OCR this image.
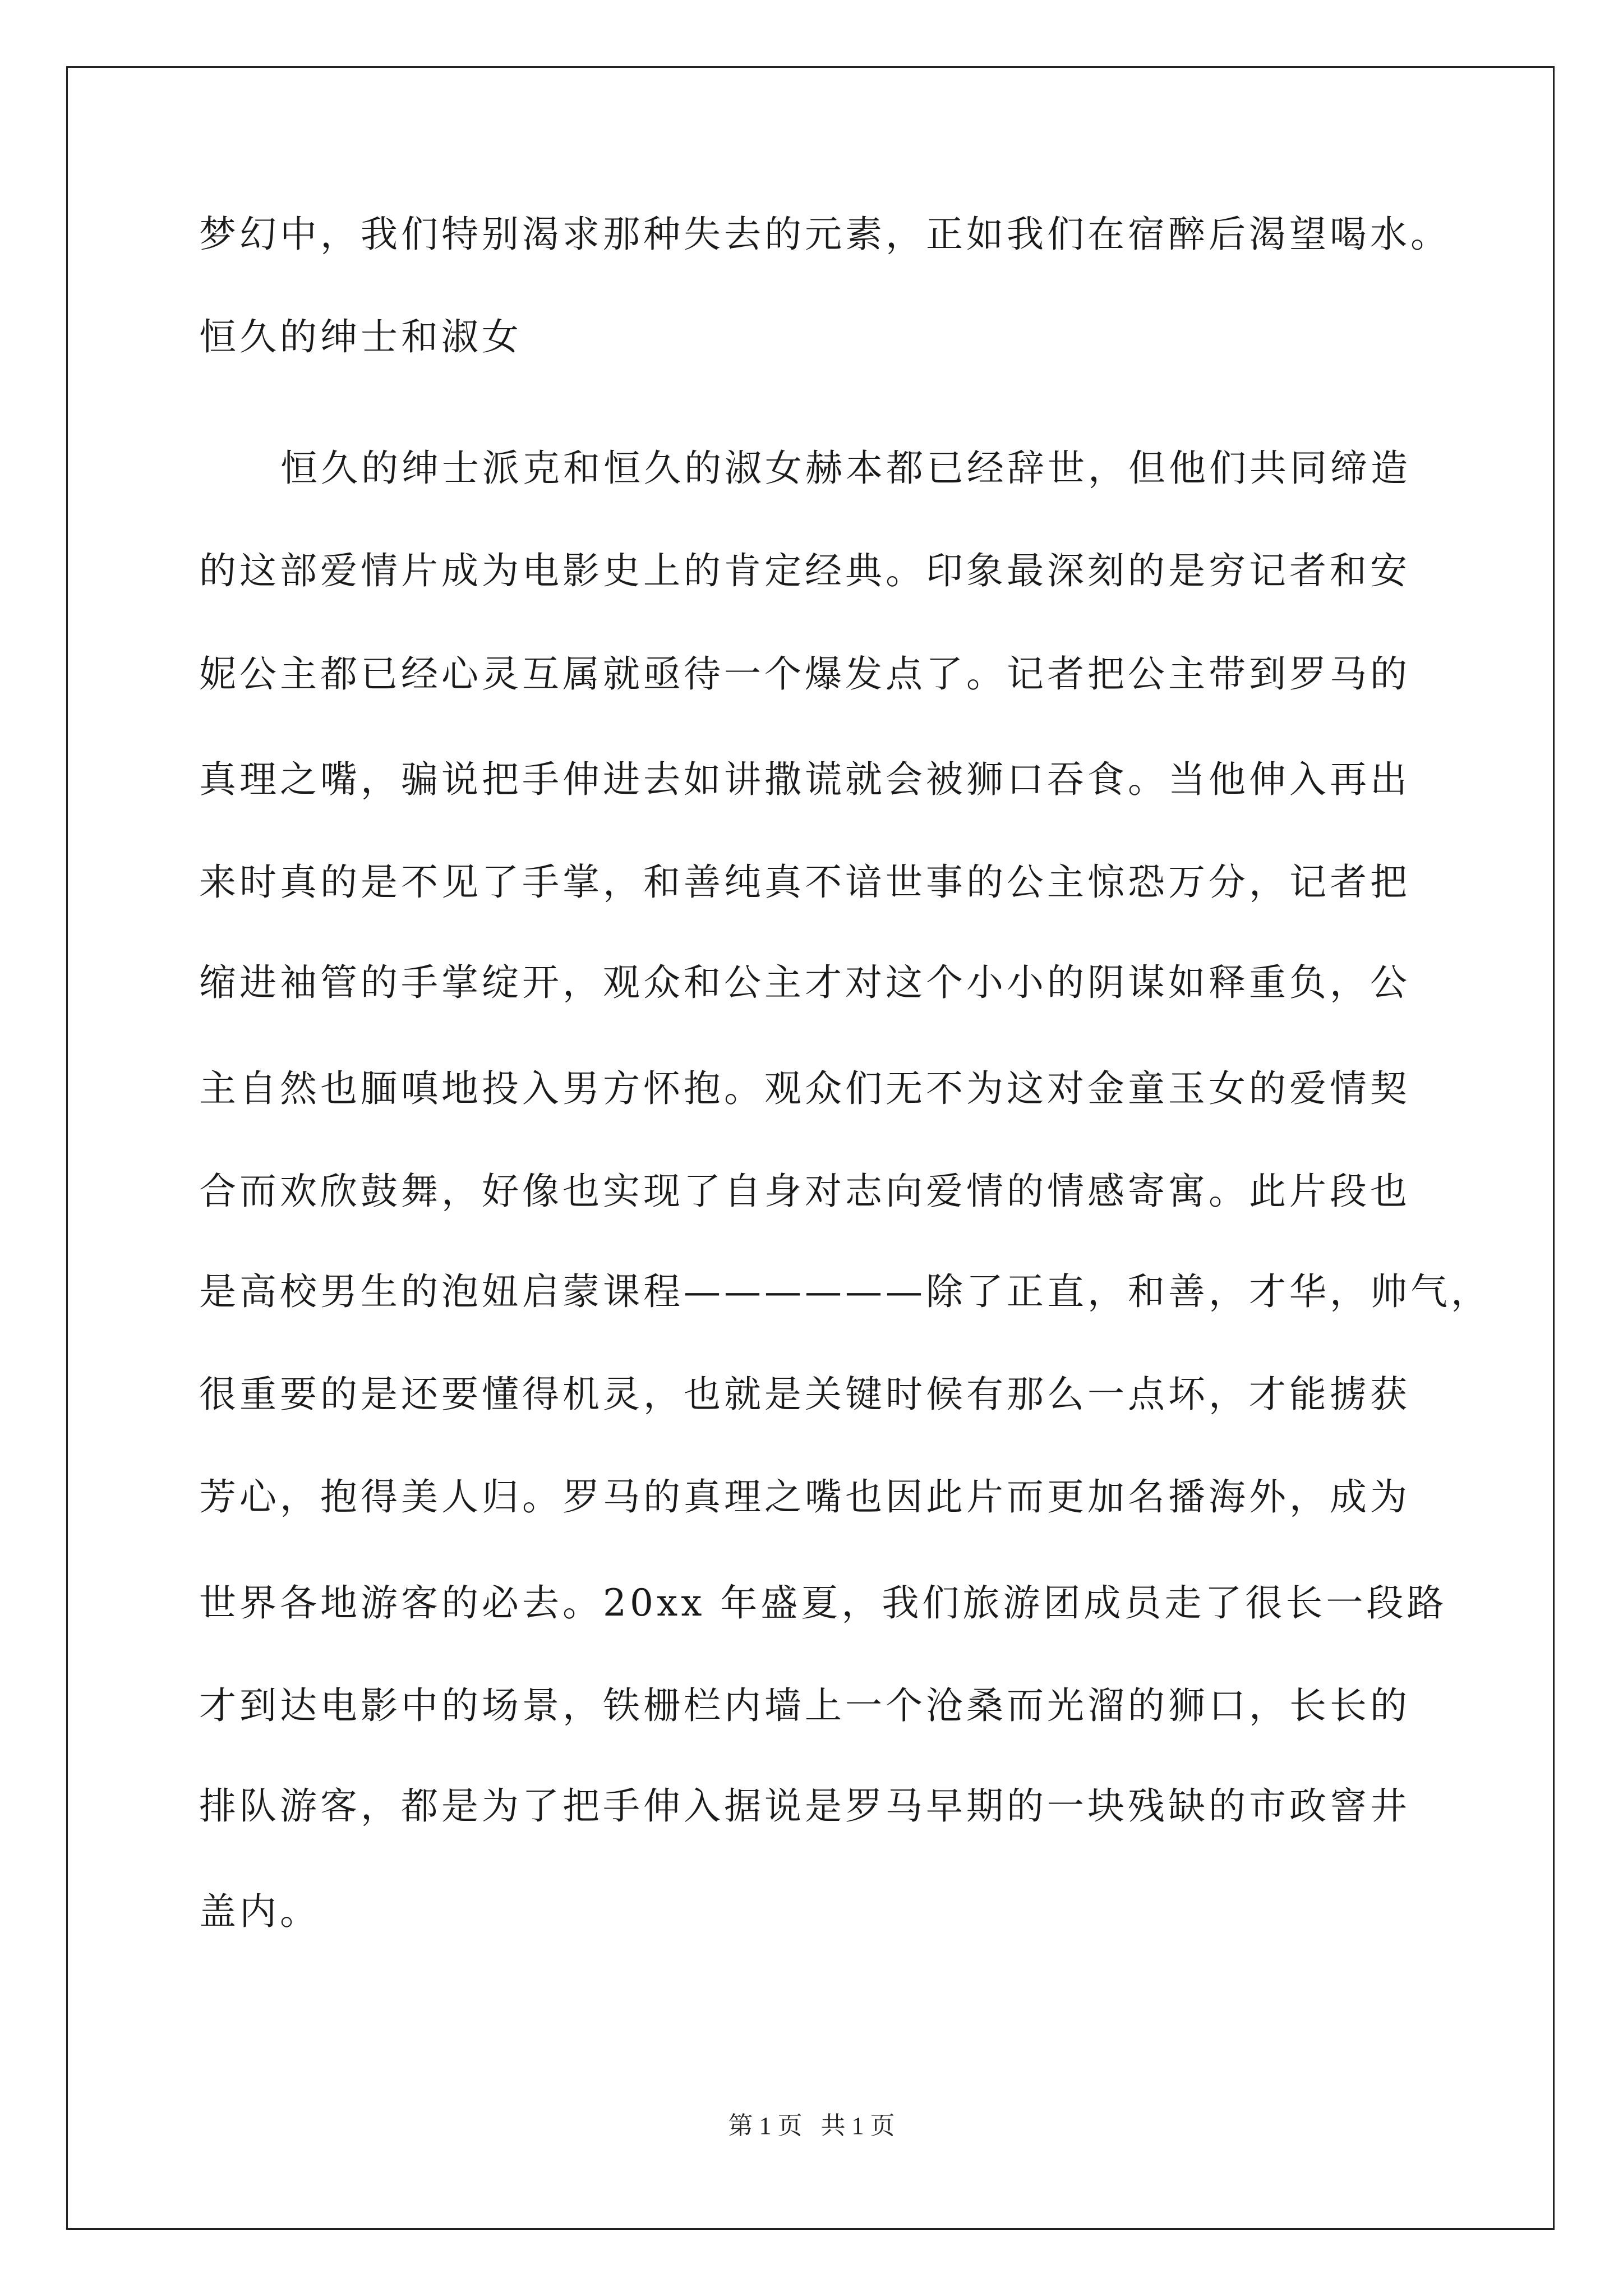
梦幻中，我们特别渴求那种失去的元素，正如我们在宿醉后渴望喝水。
恒久的绅士和淑女
恒久的绅士派克和恒久的淑女赫本都已经辞世，但他们共同缔造
的这部爱情片成为电影史上的肯定经典。印象最深刻的是穷记者和安
妮公主都已经心灵互属就亟待一个爆发点了。记者把公主带到罗马的
真理之嘴，骗说把手伸进去如讲撒谎就会被狮口吞食。当他伸入再出
来时真的是不见了手掌，和善纯真不谙世事的公主惊恐万分，记者把
缩进袖管的手掌绽开，观众和公主才对这个小小的阴谋如释重负，公
主自然也腼嗔地投入男方怀抱。观众们无不为这对金童玉女的爱情契
合而欢欣鼓舞，好像也实现了自身对志向爱情的情感寄寓。此片段也
是高校男生的泡妞启蒙课程——————除了正直，和善，才华，帅气，
很重要的是还要懂得机灵，也就是关键时候有那么一点坏，才能掳获
芳心，抱得美人归。罗马的真理之嘴也因此片而更加名播海外，成为
世界各地游客的必去。20xx 年盛夏，我们旅游团成员走了很长一段路
才到达电影中的场景，铁栅栏内墙上一个沧桑而光溜的狮口，长长的
排队游客，都是为了把手伸入据说是罗马早期的一块残缺的市政窨井
盖内。
第 1 页   共 1 页
